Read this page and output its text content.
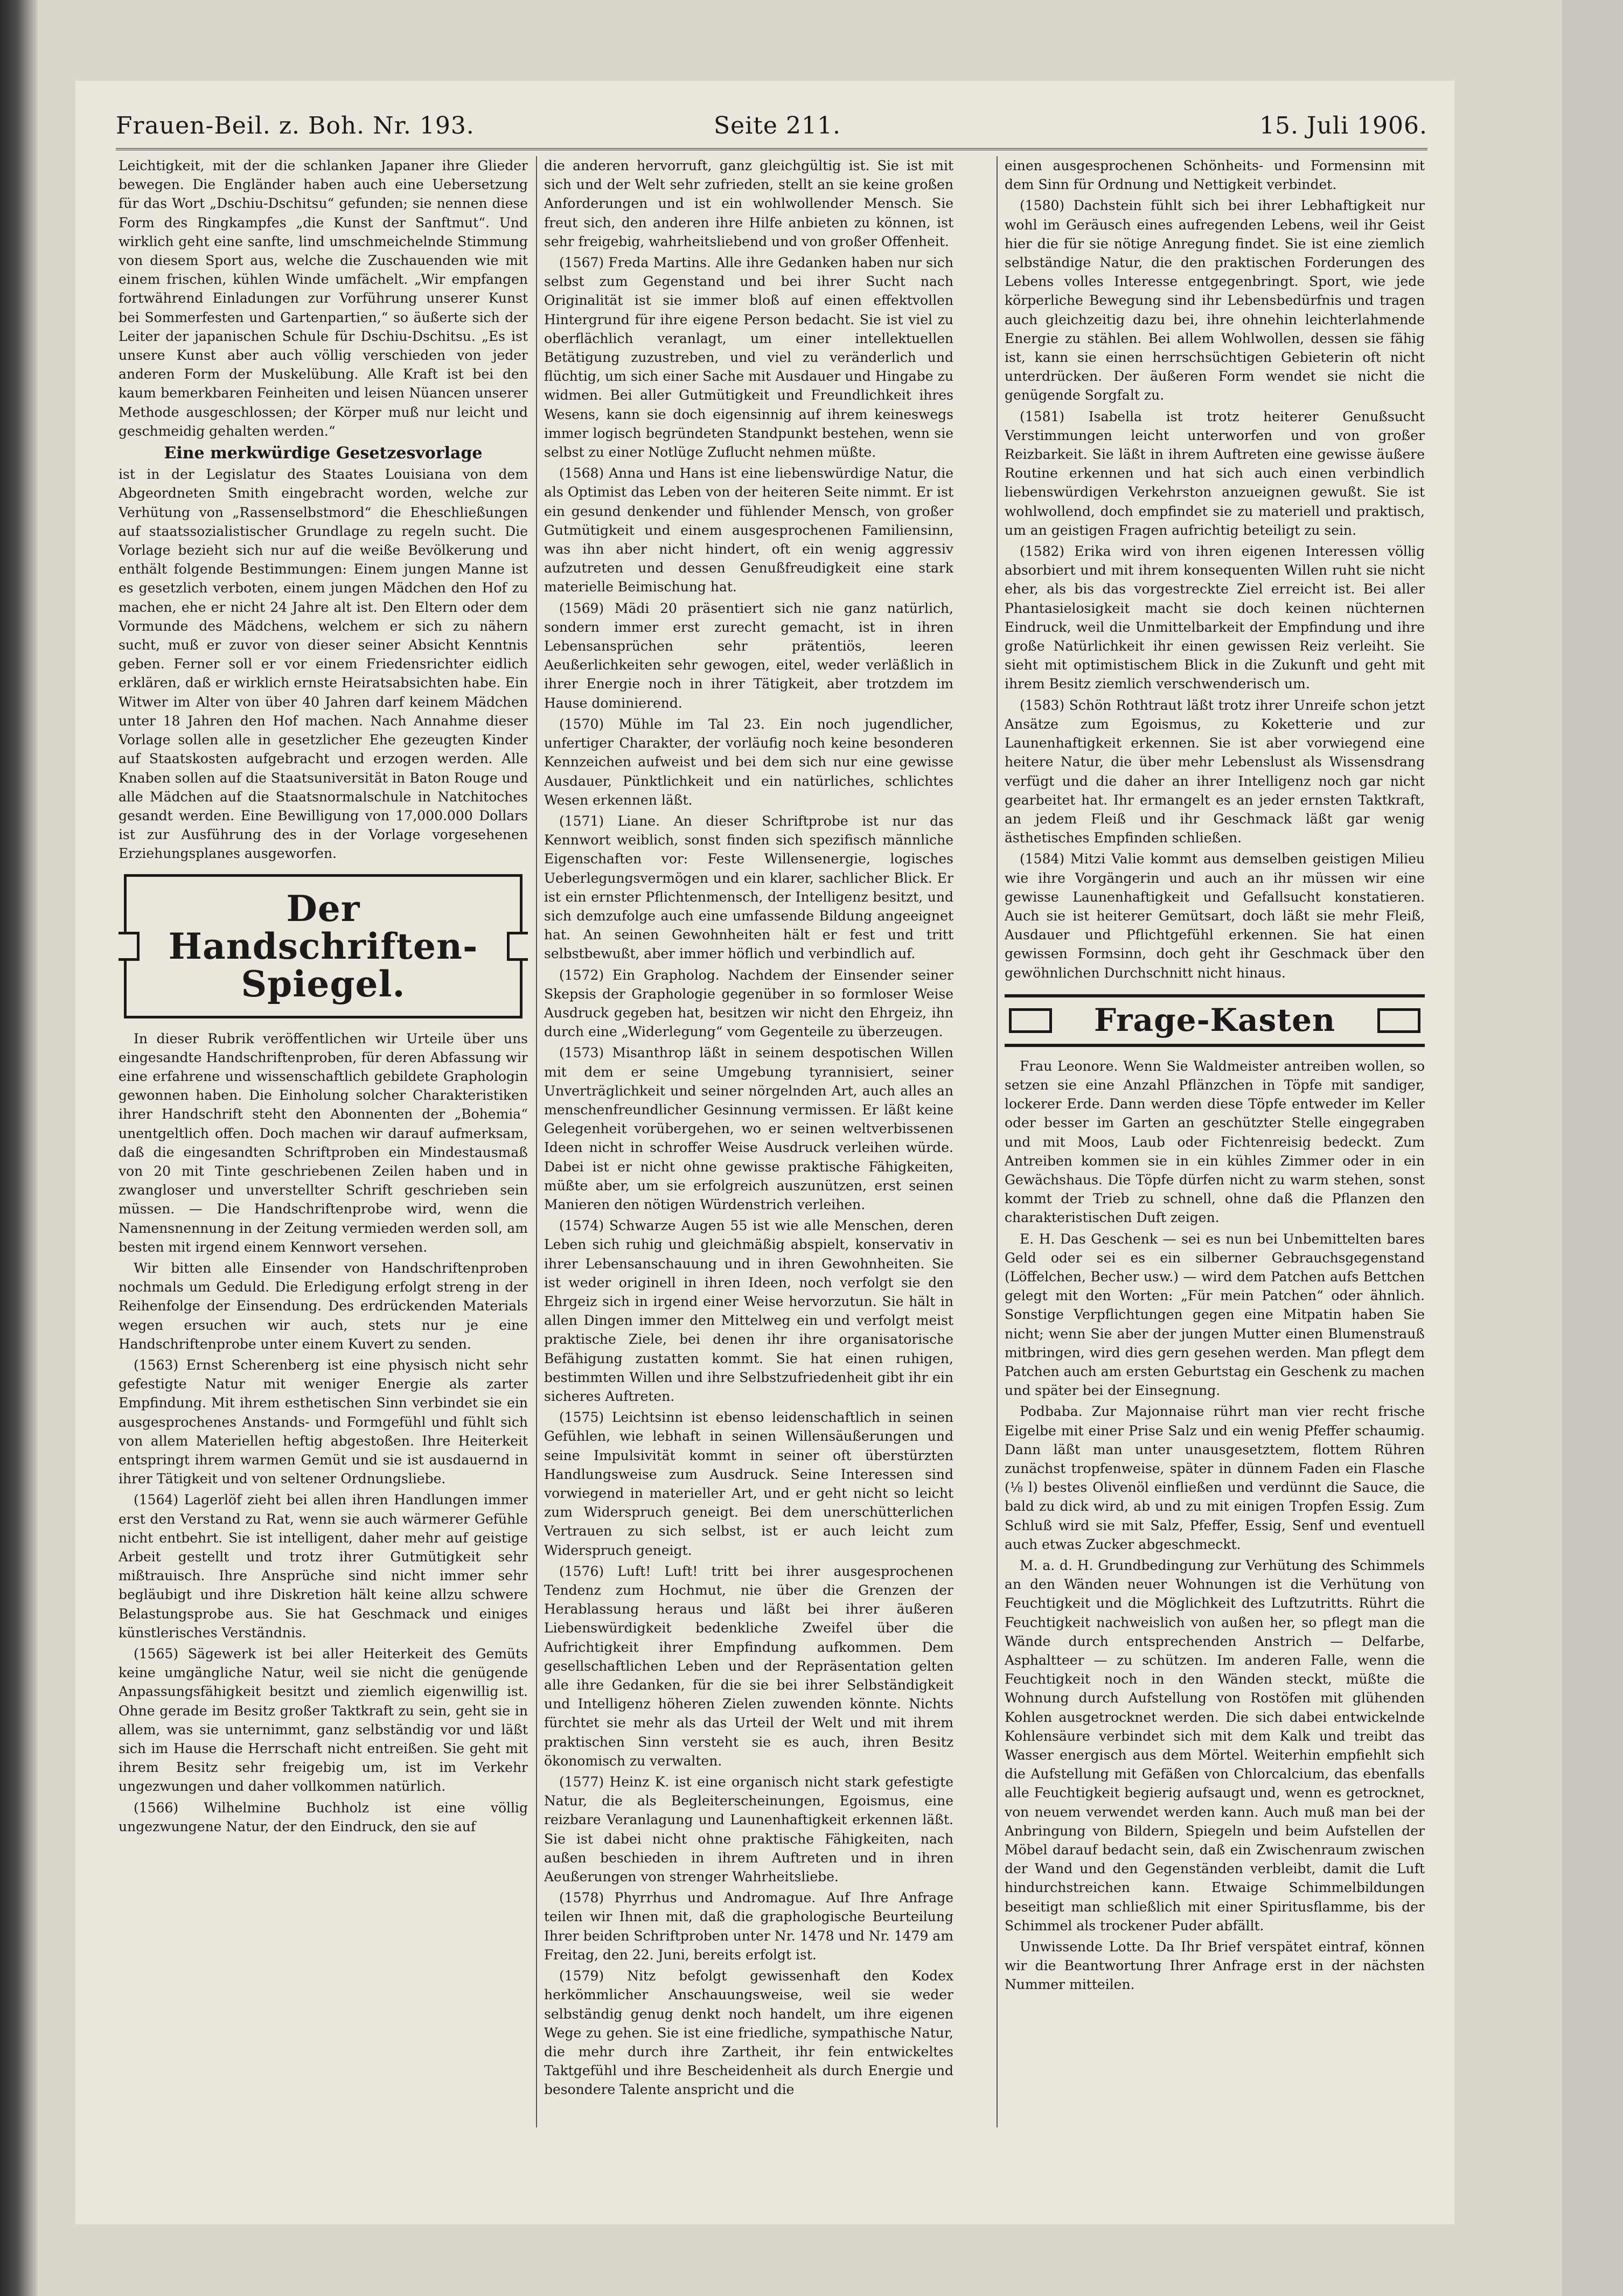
Frauen-Beil. z. Boh. Nr. 193.	Seite 211.	15. Juli 1906.

Leichtigkeit, mit der die schlanken Japaner ihre Glieder bewegen. Die Engländer haben auch eine Uebersetzung für das Wort „Dschiu-Dschitsu“ gefunden; sie nennen diese Form des Ringkampfes „die Kunst der Sanftmut“. Und wirklich geht eine sanfte, lind umschmeichelnde Stimmung von diesem Sport aus, welche die Zuschauenden wie mit einem frischen, kühlen Winde umfächelt. „Wir empfangen fortwährend Einladungen zur Vorführung unserer Kunst bei Sommerfesten und Gartenpartien,“ so äußerte sich der Leiter der japanischen Schule für Dschiu-Dschitsu. „Es ist unsere Kunst aber auch völlig verschieden von jeder anderen Form der Muskelübung. Alle Kraft ist bei den kaum bemerkbaren Feinheiten und leisen Nüancen unserer Methode ausgeschlossen; der Körper muß nur leicht und geschmeidig gehalten werden.“

Eine merkwürdige Gesetzesvorlage

ist in der Legislatur des Staates Louisiana von dem Abgeordneten Smith eingebracht worden, welche zur Verhütung von „Rassenselbstmord“ die Eheschließungen auf staatssozialistischer Grundlage zu regeln sucht. Die Vorlage bezieht sich nur auf die weiße Bevölkerung und enthält folgende Bestimmungen: Einem jungen Manne ist es gesetzlich verboten, einem jungen Mädchen den Hof zu machen, ehe er nicht 24 Jahre alt ist. Den Eltern oder dem Vormunde des Mädchens, welchem er sich zu nähern sucht, muß er zuvor von dieser seiner Absicht Kenntnis geben. Ferner soll er vor einem Friedensrichter eidlich erklären, daß er wirklich ernste Heiratsabsichten habe. Ein Witwer im Alter von über 40 Jahren darf keinem Mädchen unter 18 Jahren den Hof machen. Nach Annahme dieser Vorlage sollen alle in gesetzlicher Ehe gezeugten Kinder auf Staatskosten aufgebracht und erzogen werden. Alle Knaben sollen auf die Staatsuniversität in Baton Rouge und alle Mädchen auf die Staatsnormalschule in Natchitoches gesandt werden. Eine Bewilligung von 17,000.000 Dollars ist zur Ausführung des in der Vorlage vorgesehenen Erziehungsplanes ausgeworfen.

Der Handschriften-Spiegel.

In dieser Rubrik veröffentlichen wir Urteile über uns eingesandte Handschriftenproben, für deren Abfassung wir eine erfahrene und wissenschaftlich gebildete Graphologin gewonnen haben. Die Einholung solcher Charakteristiken ihrer Handschrift steht den Abonnenten der „Bohemia“ unentgeltlich offen. Doch machen wir darauf aufmerksam, daß die eingesandten Schriftproben ein Mindestausmaß von 20 mit Tinte geschriebenen Zeilen haben und in zwangloser und unverstellter Schrift geschrieben sein müssen. — Die Handschriftenprobe wird, wenn die Namensnennung in der Zeitung vermieden werden soll, am besten mit irgend einem Kennwort versehen.

Wir bitten alle Einsender von Handschriftenproben nochmals um Geduld. Die Erledigung erfolgt streng in der Reihenfolge der Einsendung. Des erdrückenden Materials wegen ersuchen wir auch, stets nur je eine Handschriftenprobe unter einem Kuvert zu senden.

(1563) Ernst Scherenberg ist eine physisch nicht sehr gefestigte Natur mit weniger Energie als zarter Empfindung. Mit ihrem esthetischen Sinn verbindet sie ein ausgesprochenes Anstands- und Formgefühl und fühlt sich von allem Materiellen heftig abgestoßen. Ihre Heiterkeit entspringt ihrem warmen Gemüt und sie ist ausdauernd in ihrer Tätigkeit und von seltener Ordnungsliebe.

(1564) Lagerlöf zieht bei allen ihren Handlungen immer erst den Verstand zu Rat, wenn sie auch wärmerer Gefühle nicht entbehrt. Sie ist intelligent, daher mehr auf geistige Arbeit gestellt und trotz ihrer Gutmütigkeit sehr mißtrauisch. Ihre Ansprüche sind nicht immer sehr begläubigt und ihre Diskretion hält keine allzu schwere Belastungsprobe aus. Sie hat Geschmack und einiges künstlerisches Verständnis.

(1565) Sägewerk ist bei aller Heiterkeit des Gemüts keine umgängliche Natur, weil sie nicht die genügende Anpassungsfähigkeit besitzt und ziemlich eigenwillig ist. Ohne gerade im Besitz großer Taktkraft zu sein, geht sie in allem, was sie unternimmt, ganz selbständig vor und läßt sich im Hause die Herrschaft nicht entreißen. Sie geht mit ihrem Besitz sehr freigebig um, ist im Verkehr ungezwungen und daher vollkommen natürlich.

(1566) Wilhelmine Buchholz ist eine völlig ungezwungene Natur, der den Eindruck, den sie auf

die anderen hervorruft, ganz gleichgültig ist. Sie ist mit sich und der Welt sehr zufrieden, stellt an sie keine großen Anforderungen und ist ein wohlwollender Mensch. Sie freut sich, den anderen ihre Hilfe anbieten zu können, ist sehr freigebig, wahrheitsliebend und von großer Offenheit.

(1567) Freda Martins. Alle ihre Gedanken haben nur sich selbst zum Gegenstand und bei ihrer Sucht nach Originalität ist sie immer bloß auf einen effektvollen Hintergrund für ihre eigene Person bedacht. Sie ist viel zu oberflächlich veranlagt, um einer intellektuellen Betätigung zuzustreben, und viel zu veränderlich und flüchtig, um sich einer Sache mit Ausdauer und Hingabe zu widmen. Bei aller Gutmütigkeit und Freundlichkeit ihres Wesens, kann sie doch eigensinnig auf ihrem keineswegs immer logisch begründeten Standpunkt bestehen, wenn sie selbst zu einer Notlüge Zuflucht nehmen müßte.

(1568) Anna und Hans ist eine liebenswürdige Natur, die als Optimist das Leben von der heiteren Seite nimmt. Er ist ein gesund denkender und fühlender Mensch, von großer Gutmütigkeit und einem ausgesprochenen Familiensinn, was ihn aber nicht hindert, oft ein wenig aggressiv aufzutreten und dessen Genußfreudigkeit eine stark materielle Beimischung hat.

(1569) Mädi 20 präsentiert sich nie ganz natürlich, sondern immer erst zurecht gemacht, ist in ihren Lebensansprüchen sehr prätentiös, leeren Aeußerlichkeiten sehr gewogen, eitel, weder verläßlich in ihrer Energie noch in ihrer Tätigkeit, aber trotzdem im Hause dominierend.

(1570) Mühle im Tal 23. Ein noch jugendlicher, unfertiger Charakter, der vorläufig noch keine besonderen Kennzeichen aufweist und bei dem sich nur eine gewisse Ausdauer, Pünktlichkeit und ein natürliches, schlichtes Wesen erkennen läßt.

(1571) Liane. An dieser Schriftprobe ist nur das Kennwort weiblich, sonst finden sich spezifisch männliche Eigenschaften vor: Feste Willensenergie, logisches Ueberlegungsvermögen und ein klarer, sachlicher Blick. Er ist ein ernster Pflichtenmensch, der Intelligenz besitzt, und sich demzufolge auch eine umfassende Bildung angeeignet hat. An seinen Gewohnheiten hält er fest und tritt selbstbewußt, aber immer höflich und verbindlich auf.

(1572) Ein Grapholog. Nachdem der Einsender seiner Skepsis der Graphologie gegenüber in so formloser Weise Ausdruck gegeben hat, besitzen wir nicht den Ehrgeiz, ihn durch eine „Widerlegung“ vom Gegenteile zu überzeugen.

(1573) Misanthrop läßt in seinem despotischen Willen mit dem er seine Umgebung tyrannisiert, seiner Unverträglichkeit und seiner nörgelnden Art, auch alles an menschenfreundlicher Gesinnung vermissen. Er läßt keine Gelegenheit vorübergehen, wo er seinen weltverbissenen Ideen nicht in schroffer Weise Ausdruck verleihen würde. Dabei ist er nicht ohne gewisse praktische Fähigkeiten, müßte aber, um sie erfolgreich auszunützen, erst seinen Manieren den nötigen Würdenstrich verleihen.

(1574) Schwarze Augen 55 ist wie alle Menschen, deren Leben sich ruhig und gleichmäßig abspielt, konservativ in ihrer Lebensanschauung und in ihren Gewohnheiten. Sie ist weder originell in ihren Ideen, noch verfolgt sie den Ehrgeiz sich in irgend einer Weise hervorzutun. Sie hält in allen Dingen immer den Mittelweg ein und verfolgt meist praktische Ziele, bei denen ihr ihre organisatorische Befähigung zustatten kommt. Sie hat einen ruhigen, bestimmten Willen und ihre Selbstzufriedenheit gibt ihr ein sicheres Auftreten.

(1575) Leichtsinn ist ebenso leidenschaftlich in seinen Gefühlen, wie lebhaft in seinen Willensäußerungen und seine Impulsivität kommt in seiner oft überstürzten Handlungsweise zum Ausdruck. Seine Interessen sind vorwiegend in materieller Art, und er geht nicht so leicht zum Widerspruch geneigt. Bei dem unerschütterlichen Vertrauen zu sich selbst, ist er auch leicht zum Widerspruch geneigt.

(1576) Luft! Luft! tritt bei ihrer ausgesprochenen Tendenz zum Hochmut, nie über die Grenzen der Herablassung heraus und läßt bei ihrer äußeren Liebenswürdigkeit bedenkliche Zweifel über die Aufrichtigkeit ihrer Empfindung aufkommen. Dem gesellschaftlichen Leben und der Repräsentation gelten alle ihre Gedanken, für die sie bei ihrer Selbständigkeit und Intelligenz höheren Zielen zuwenden könnte. Nichts fürchtet sie mehr als das Urteil der Welt und mit ihrem praktischen Sinn versteht sie es auch, ihren Besitz ökonomisch zu verwalten.

(1577) Heinz K. ist eine organisch nicht stark gefestigte Natur, die als Begleiterscheinungen, Egoismus, eine reizbare Veranlagung und Launenhaftigkeit erkennen läßt. Sie ist dabei nicht ohne praktische Fähigkeiten, nach außen beschieden in ihrem Auftreten und in ihren Aeußerungen von strenger Wahrheitsliebe.

(1578) Phyrrhus und Andromague. Auf Ihre Anfrage teilen wir Ihnen mit, daß die graphologische Beurteilung Ihrer beiden Schriftproben unter Nr. 1478 und Nr. 1479 am Freitag, den 22. Juni, bereits erfolgt ist.

(1579) Nitz befolgt gewissenhaft den Kodex herkömmlicher Anschauungsweise, weil sie weder selbständig genug denkt noch handelt, um ihre eigenen Wege zu gehen. Sie ist eine friedliche, sympathische Natur, die mehr durch ihre Zartheit, ihr fein entwickeltes Taktgefühl und ihre Bescheidenheit als durch Energie und besondere Talente anspricht und die

einen ausgesprochenen Schönheits- und Formensinn mit dem Sinn für Ordnung und Nettigkeit verbindet.

(1580) Dachstein fühlt sich bei ihrer Lebhaftigkeit nur wohl im Geräusch eines aufregenden Lebens, weil ihr Geist hier die für sie nötige Anregung findet. Sie ist eine ziemlich selbständige Natur, die den praktischen Forderungen des Lebens volles Interesse entgegenbringt. Sport, wie jede körperliche Bewegung sind ihr Lebensbedürfnis und tragen auch gleichzeitig dazu bei, ihre ohnehin leichterlahmende Energie zu stählen. Bei allem Wohlwollen, dessen sie fähig ist, kann sie einen herrschsüchtigen Gebieterin oft nicht unterdrücken. Der äußeren Form wendet sie nicht die genügende Sorgfalt zu.

(1581) Isabella ist trotz heiterer Genußsucht Verstimmungen leicht unterworfen und von großer Reizbarkeit. Sie läßt in ihrem Auftreten eine gewisse äußere Routine erkennen und hat sich auch einen verbindlich liebenswürdigen Verkehrston anzueignen gewußt. Sie ist wohlwollend, doch empfindet sie zu materiell und praktisch, um an geistigen Fragen aufrichtig beteiligt zu sein.

(1582) Erika wird von ihren eigenen Interessen völlig absorbiert und mit ihrem konsequenten Willen ruht sie nicht eher, als bis das vorgestreckte Ziel erreicht ist. Bei aller Phantasielosigkeit macht sie doch keinen nüchternen Eindruck, weil die Unmittelbarkeit der Empfindung und ihre große Natürlichkeit ihr einen gewissen Reiz verleiht. Sie sieht mit optimistischem Blick in die Zukunft und geht mit ihrem Besitz ziemlich verschwenderisch um.

(1583) Schön Rothtraut läßt trotz ihrer Unreife schon jetzt Ansätze zum Egoismus, zu Koketterie und zur Launenhaftigkeit erkennen. Sie ist aber vorwiegend eine heitere Natur, die über mehr Lebenslust als Wissensdrang verfügt und die daher an ihrer Intelligenz noch gar nicht gearbeitet hat. Ihr ermangelt es an jeder ernsten Taktkraft, an jedem Fleiß und ihr Geschmack läßt gar wenig ästhetisches Empfinden schließen.

(1584) Mitzi Valie kommt aus demselben geistigen Milieu wie ihre Vorgängerin und auch an ihr müssen wir eine gewisse Launenhaftigkeit und Gefallsucht konstatieren. Auch sie ist heiterer Gemütsart, doch läßt sie mehr Fleiß, Ausdauer und Pflichtgefühl erkennen. Sie hat einen gewissen Formsinn, doch geht ihr Geschmack über den gewöhnlichen Durchschnitt nicht hinaus.

Frage-Kasten

Frau Leonore. Wenn Sie Waldmeister antreiben wollen, so setzen sie eine Anzahl Pflänzchen in Töpfe mit sandiger, lockerer Erde. Dann werden diese Töpfe entweder im Keller oder besser im Garten an geschützter Stelle eingegraben und mit Moos, Laub oder Fichtenreisig bedeckt. Zum Antreiben kommen sie in ein kühles Zimmer oder in ein Gewächshaus. Die Töpfe dürfen nicht zu warm stehen, sonst kommt der Trieb zu schnell, ohne daß die Pflanzen den charakteristischen Duft zeigen.

E. H. Das Geschenk — sei es nun bei Unbemittelten bares Geld oder sei es ein silberner Gebrauchsgegenstand (Löffelchen, Becher usw.) — wird dem Patchen aufs Bettchen gelegt mit den Worten: „Für mein Patchen“ oder ähnlich. Sonstige Verpflichtungen gegen eine Mitpatin haben Sie nicht; wenn Sie aber der jungen Mutter einen Blumenstrauß mitbringen, wird dies gern gesehen werden. Man pflegt dem Patchen auch am ersten Geburtstag ein Geschenk zu machen und später bei der Einsegnung.

Podbaba. Zur Majonnaise rührt man vier recht frische Eigelbe mit einer Prise Salz und ein wenig Pfeffer schaumig. Dann läßt man unter unausgesetztem, flottem Rühren zunächst tropfenweise, später in dünnem Faden ein Flasche (⅛ l) bestes Olivenöl einfließen und verdünnt die Sauce, die bald zu dick wird, ab und zu mit einigen Tropfen Essig. Zum Schluß wird sie mit Salz, Pfeffer, Essig, Senf und eventuell auch etwas Zucker abgeschmeckt.

M. a. d. H. Grundbedingung zur Verhütung des Schimmels an den Wänden neuer Wohnungen ist die Verhütung von Feuchtigkeit und die Möglichkeit des Luftzutritts. Rührt die Feuchtigkeit nachweislich von außen her, so pflegt man die Wände durch entsprechenden Anstrich — Delfarbe, Asphaltteer — zu schützen. Im anderen Falle, wenn die Feuchtigkeit noch in den Wänden steckt, müßte die Wohnung durch Aufstellung von Rostöfen mit glühenden Kohlen ausgetrocknet werden. Die sich dabei entwickelnde Kohlensäure verbindet sich mit dem Kalk und treibt das Wasser energisch aus dem Mörtel. Weiterhin empfiehlt sich die Aufstellung mit Gefäßen von Chlorcalcium, das ebenfalls alle Feuchtigkeit begierig aufsaugt und, wenn es getrocknet, von neuem verwendet werden kann. Auch muß man bei der Anbringung von Bildern, Spiegeln und beim Aufstellen der Möbel darauf bedacht sein, daß ein Zwischenraum zwischen der Wand und den Gegenständen verbleibt, damit die Luft hindurchstreichen kann. Etwaige Schimmelbildungen beseitigt man schließlich mit einer Spiritusflamme, bis der Schimmel als trockener Puder abfällt.

Unwissende Lotte. Da Ihr Brief verspätet eintraf, können wir die Beantwortung Ihrer Anfrage erst in der nächsten Nummer mitteilen.
